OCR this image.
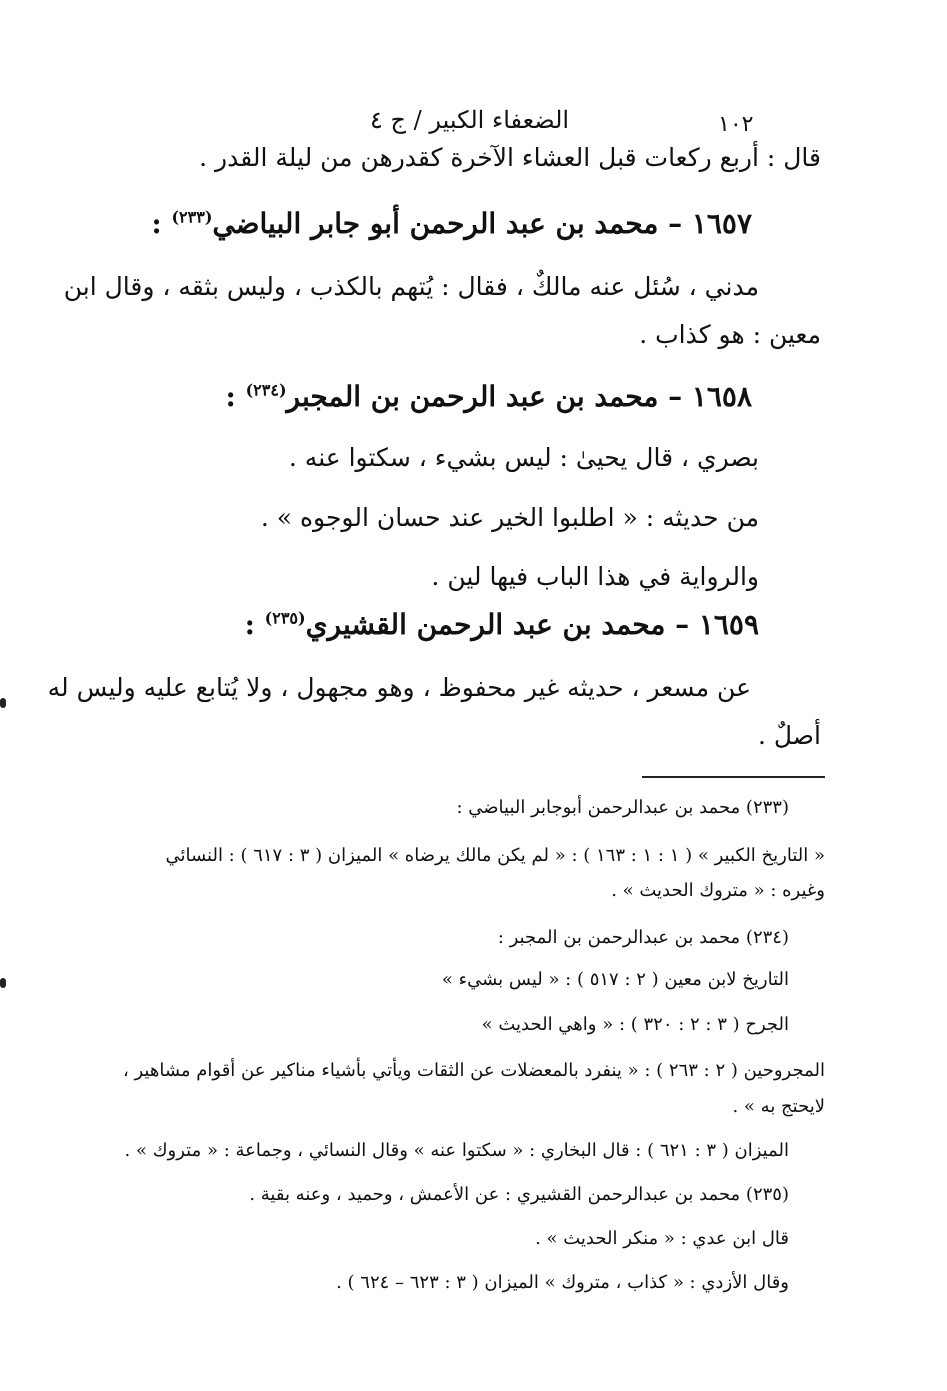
١٠٢
الضعفاء الكبير / ج ٤
قال : أربع ركعات قبل العشاء الآخرة كقدرهن من ليلة القدر .
١٦٥٧ – محمد بن عبد الرحمن أبو جابر البياضي$^{(٢٣٣)}$ :
مدني ، سُئل عنه مالكٌ ، فقال : يُتهم بالكذب ، وليس بثقه ، وقال ابن
معين : هو كذاب .
١٦٥٨ – محمد بن عبد الرحمن بن المجبر$^{(٢٣٤)}$ :
بصري ، قال يحيىٰ : ليس بشيء ، سكتوا عنه .
من حديثه : « اطلبوا الخير عند حسان الوجوه » .
والرواية في هذا الباب فيها لين .
١٦٥٩ – محمد بن عبد الرحمن القشيري$^{(٢٣٥)}$ :
عن مسعر ، حديثه غير محفوظ ، وهو مجهول ، ولا يُتابع عليه وليس له
أصلٌ .
(٢٣٣) محمد بن عبدالرحمن أبوجابر البياضي :
« التاريخ الكبير » ( ١ : ١ : ١٦٣ ) : « لم يكن مالك يرضاه » الميزان ( ٣ : ٦١٧ ) : النسائي
وغيره : « متروك الحديث » .
(٢٣٤) محمد بن عبدالرحمن بن المجبر :
التاريخ لابن معين ( ٢ : ٥١٧ ) : « ليس بشيء »
الجرح ( ٣ : ٢ : ٣٢٠ ) : « واهي الحديث »
المجروحين ( ٢ : ٢٦٣ ) : « ينفرد بالمعضلات عن الثقات ويأتي بأشياء مناكير عن أقوام مشاهير ،
لايحتج به » .
الميزان ( ٣ : ٦٢١ ) : قال البخاري : « سكتوا عنه » وقال النسائي ، وجماعة : « متروك » .
(٢٣٥) محمد بن عبدالرحمن القشيري : عن الأعمش ، وحميد ، وعنه بقية .
قال ابن عدي : « منكر الحديث » .
وقال الأزدي : « كذاب ، متروك » الميزان ( ٣ : ٦٢٣ – ٦٢٤ ) .
